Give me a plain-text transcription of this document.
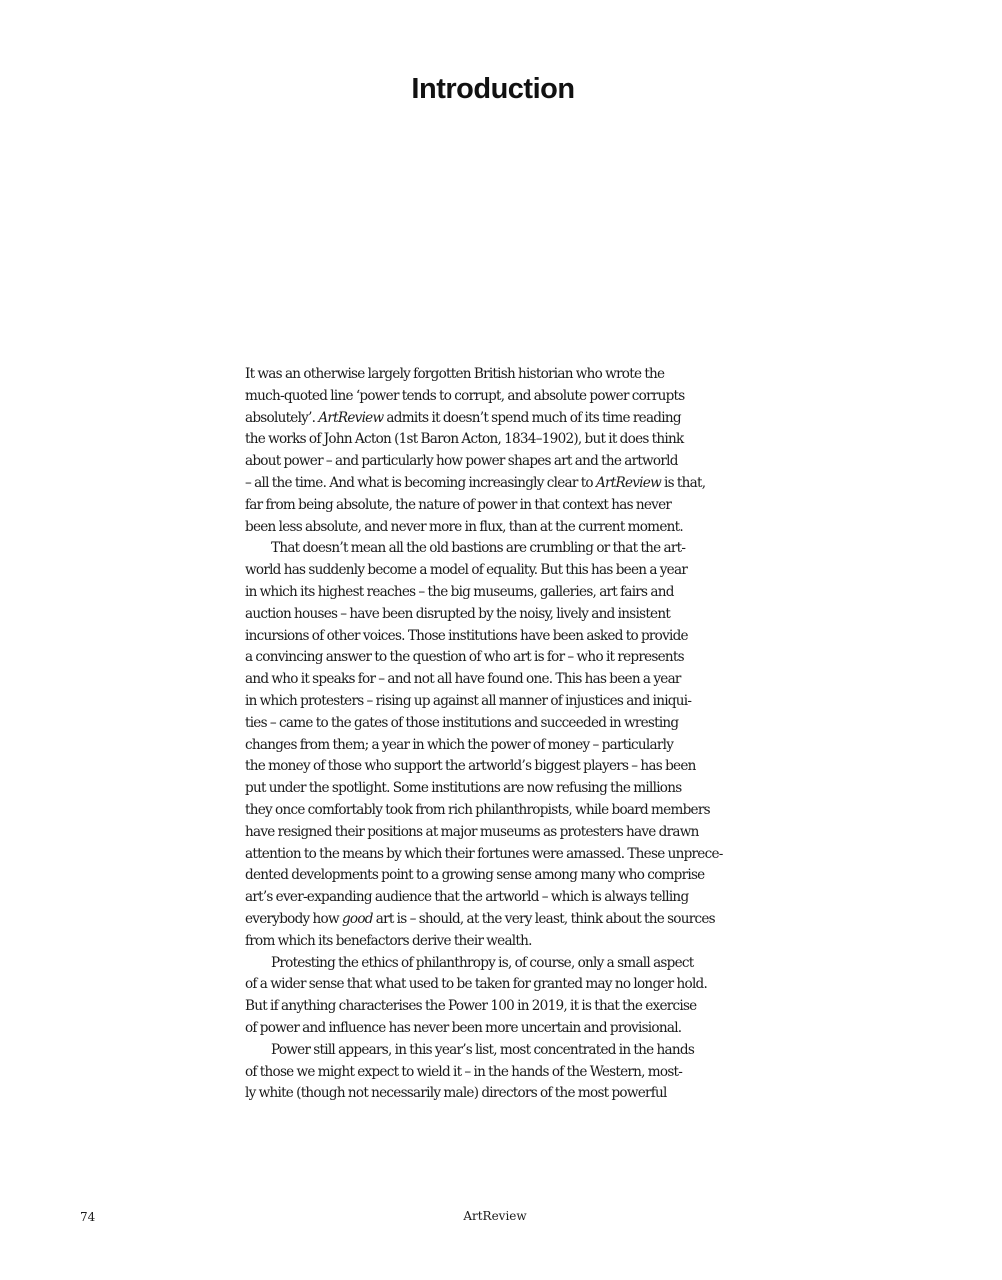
Introduction
It was an otherwise largely forgotten British historian who wrote the
much-quoted line ‘power tends to corrupt, and absolute power corrupts
absolutely’. ArtReview admits it doesn’t spend much of its time reading
the works of John Acton (1st Baron Acton, 1834–1902), but it does think
about power – and particularly how power shapes art and the artworld
– all the time. And what is becoming increasingly clear to ArtReview is that,
far from being absolute, the nature of power in that context has never
been less absolute, and never more in flux, than at the current moment.
That doesn’t mean all the old bastions are crumbling or that the art-
world has suddenly become a model of equality. But this has been a year
in which its highest reaches – the big museums, galleries, art fairs and
auction houses – have been disrupted by the noisy, lively and insistent
incursions of other voices. Those institutions have been asked to provide
a convincing answer to the question of who art is for – who it represents
and who it speaks for – and not all have found one. This has been a year
in which protesters – rising up against all manner of injustices and iniqui-
ties – came to the gates of those institutions and succeeded in wresting
changes from them; a year in which the power of money – particularly
the money of those who support the artworld’s biggest players – has been
put under the spotlight. Some institutions are now refusing the millions
they once comfortably took from rich philanthropists, while board members
have resigned their positions at major museums as protesters have drawn
attention to the means by which their fortunes were amassed. These unprece-
dented developments point to a growing sense among many who comprise
art’s ever-expanding audience that the artworld – which is always telling
everybody how good art is – should, at the very least, think about the sources
from which its benefactors derive their wealth.
Protesting the ethics of philanthropy is, of course, only a small aspect
of a wider sense that what used to be taken for granted may no longer hold.
But if anything characterises the Power 100 in 2019, it is that the exercise
of power and influence has never been more uncertain and provisional.
Power still appears, in this year’s list, most concentrated in the hands
of those we might expect to wield it – in the hands of the Western, most-
ly white (though not necessarily male) directors of the most powerful
74	ArtReview
